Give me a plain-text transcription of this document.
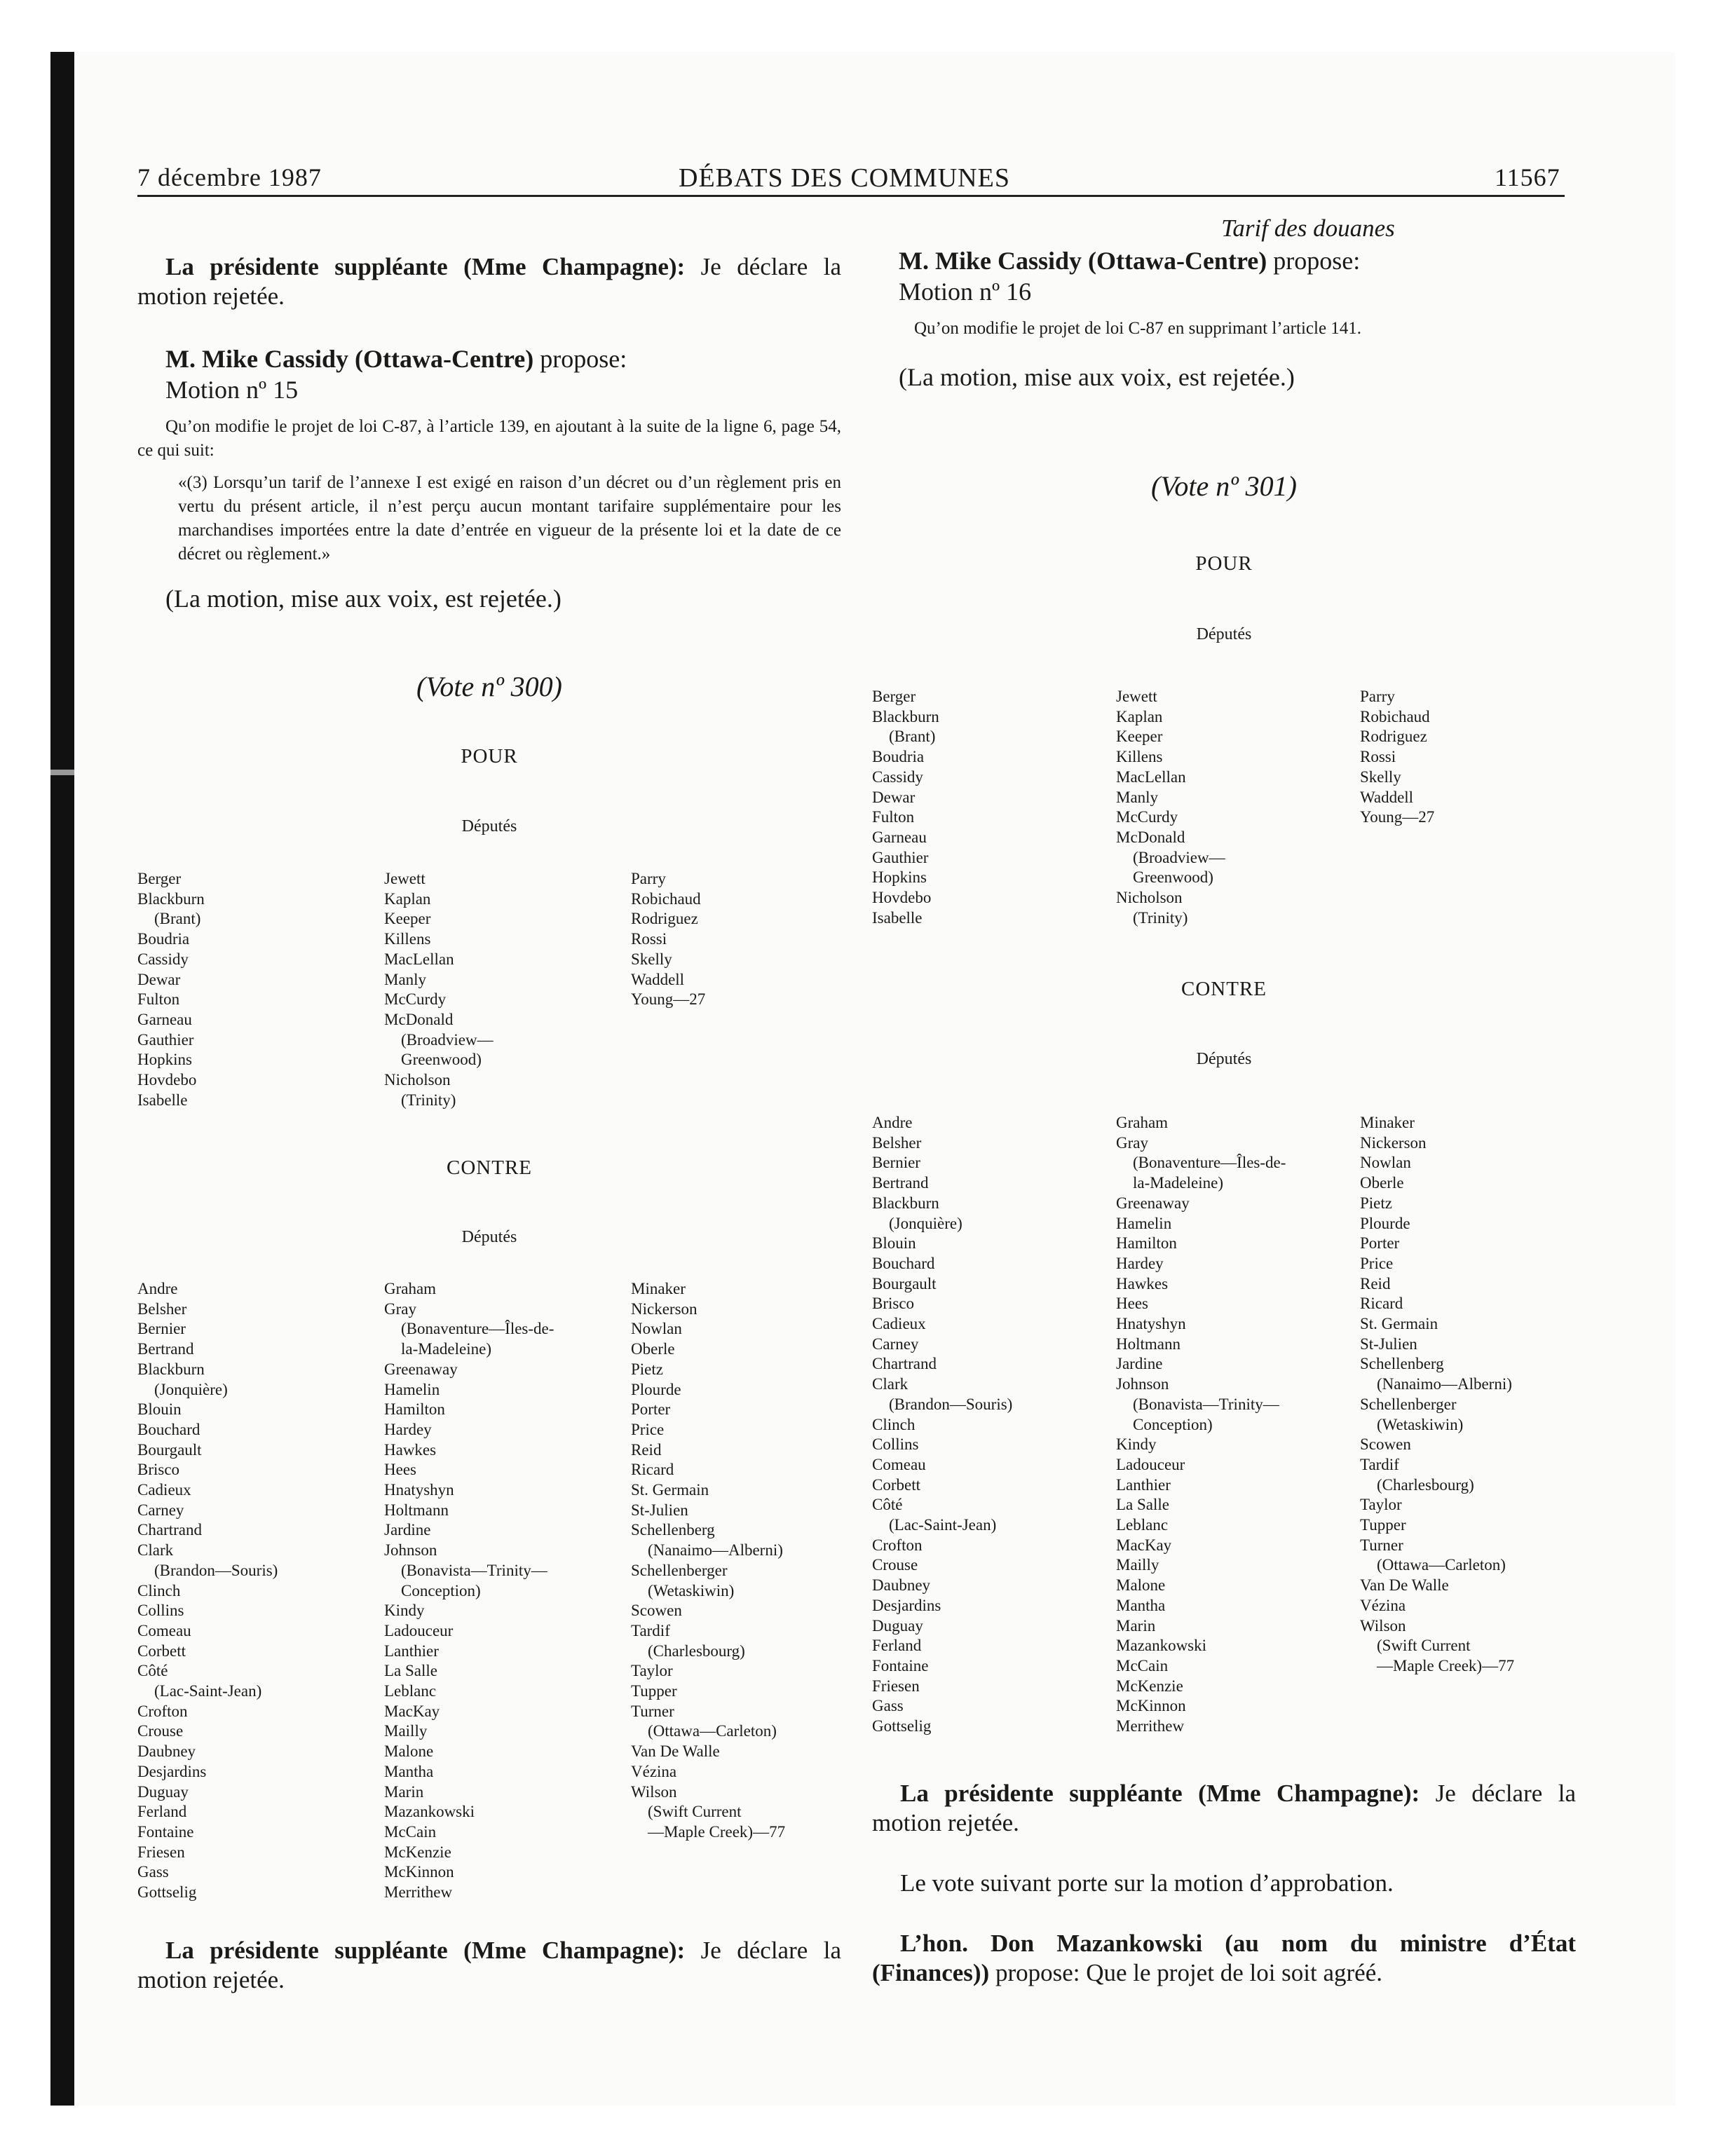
7 décembre 1987	DÉBATS DES COMMUNES	11567

La présidente suppléante (Mme Champagne): Je déclare la motion rejetée.

M. Mike Cassidy (Ottawa-Centre) propose:

Motion nº 15

Qu’on modifie le projet de loi C-87, à l’article 139, en ajoutant à la suite de la ligne 6, page 54, ce qui suit:

«(3) Lorsqu’un tarif de l’annexe I est exigé en raison d’un décret ou d’un règlement pris en vertu du présent article, il n’est perçu aucun montant tarifaire supplémentaire pour les marchandises importées entre la date d’entrée en vigueur de la présente loi et la date de ce décret ou règlement.»

(La motion, mise aux voix, est rejetée.)

(Vote nº 300)

POUR

Députés

Berger
Blackburn
(Brant)
Boudria
Cassidy
Dewar
Fulton
Garneau
Gauthier
Hopkins
Hovdebo
Isabelle
Jewett
Kaplan
Keeper
Killens
MacLellan
Manly
McCurdy
McDonald
(Broadview—
Greenwood)
Nicholson
(Trinity)
Parry
Robichaud
Rodriguez
Rossi
Skelly
Waddell
Young—27

CONTRE

Députés

Andre
Belsher
Bernier
Bertrand
Blackburn
(Jonquière)
Blouin
Bouchard
Bourgault
Brisco
Cadieux
Carney
Chartrand
Clark
(Brandon—Souris)
Clinch
Collins
Comeau
Corbett
Côté
(Lac-Saint-Jean)
Crofton
Crouse
Daubney
Desjardins
Duguay
Ferland
Fontaine
Friesen
Gass
Gottselig
Graham
Gray
(Bonaventure—Îles-de-
la-Madeleine)
Greenaway
Hamelin
Hamilton
Hardey
Hawkes
Hees
Hnatyshyn
Holtmann
Jardine
Johnson
(Bonavista—Trinity—
Conception)
Kindy
Ladouceur
Lanthier
La Salle
Leblanc
MacKay
Mailly
Malone
Mantha
Marin
Mazankowski
McCain
McKenzie
McKinnon
Merrithew
Minaker
Nickerson
Nowlan
Oberle
Pietz
Plourde
Porter
Price
Reid
Ricard
St. Germain
St-Julien
Schellenberg
(Nanaimo—Alberni)
Schellenberger
(Wetaskiwin)
Scowen
Tardif
(Charlesbourg)
Taylor
Tupper
Turner
(Ottawa—Carleton)
Van De Walle
Vézina
Wilson
(Swift Current
—Maple Creek)—77

La présidente suppléante (Mme Champagne): Je déclare la motion rejetée.

Tarif des douanes

M. Mike Cassidy (Ottawa-Centre) propose:

Motion nº 16

Qu’on modifie le projet de loi C-87 en supprimant l’article 141.

(La motion, mise aux voix, est rejetée.)

(Vote nº 301)

POUR

Députés

Berger
Blackburn
(Brant)
Boudria
Cassidy
Dewar
Fulton
Garneau
Gauthier
Hopkins
Hovdebo
Isabelle
Jewett
Kaplan
Keeper
Killens
MacLellan
Manly
McCurdy
McDonald
(Broadview—
Greenwood)
Nicholson
(Trinity)
Parry
Robichaud
Rodriguez
Rossi
Skelly
Waddell
Young—27

CONTRE

Députés

Andre
Belsher
Bernier
Bertrand
Blackburn
(Jonquière)
Blouin
Bouchard
Bourgault
Brisco
Cadieux
Carney
Chartrand
Clark
(Brandon—Souris)
Clinch
Collins
Comeau
Corbett
Côté
(Lac-Saint-Jean)
Crofton
Crouse
Daubney
Desjardins
Duguay
Ferland
Fontaine
Friesen
Gass
Gottselig
Graham
Gray
(Bonaventure—Îles-de-
la-Madeleine)
Greenaway
Hamelin
Hamilton
Hardey
Hawkes
Hees
Hnatyshyn
Holtmann
Jardine
Johnson
(Bonavista—Trinity—
Conception)
Kindy
Ladouceur
Lanthier
La Salle
Leblanc
MacKay
Mailly
Malone
Mantha
Marin
Mazankowski
McCain
McKenzie
McKinnon
Merrithew
Minaker
Nickerson
Nowlan
Oberle
Pietz
Plourde
Porter
Price
Reid
Ricard
St. Germain
St-Julien
Schellenberg
(Nanaimo—Alberni)
Schellenberger
(Wetaskiwin)
Scowen
Tardif
(Charlesbourg)
Taylor
Tupper
Turner
(Ottawa—Carleton)
Van De Walle
Vézina
Wilson
(Swift Current
—Maple Creek)—77

La présidente suppléante (Mme Champagne): Je déclare la motion rejetée.

Le vote suivant porte sur la motion d’approbation.

L’hon. Don Mazankowski (au nom du ministre d’État (Finances)) propose: Que le projet de loi soit agréé.
